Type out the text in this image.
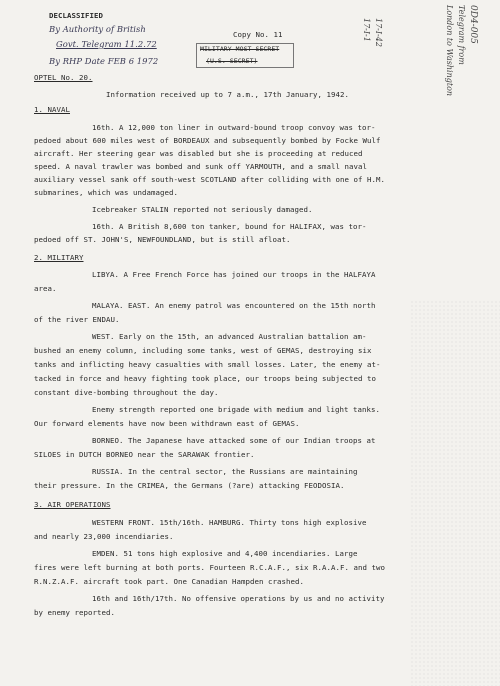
DECLASSIFIED
By Authority of British
Govt. Telegram 11.2.72
By RHP Date FEB 6 1972
Copy No. 11
MILITARY MOST SECRET
(U.S. SECRET)
OPTEL No. 20.
17-I-1 17-I-42	0D4-005
Telegram from
London to Washington
Information received up to 7 a.m., 17th January, 1942.
1. NAVAL
16th. A 12,000 ton liner in outward-bound troop convoy was tor-
pedoed about 600 miles west of BORDEAUX and subsequently bombed by Focke Wulf
aircraft. Her steering gear was disabled but she is proceeding at reduced
speed. A naval trawler was bombed and sunk off YARMOUTH, and a small naval
auxiliary vessel sank off south-west SCOTLAND after colliding with one of H.M.
submarines, which was undamaged.
Icebreaker STALIN reported not seriously damaged.
16th. A British 8,600 ton tanker, bound for HALIFAX, was tor-
pedoed off ST. JOHN'S, NEWFOUNDLAND, but is still afloat.
2. MILITARY
LIBYA. A Free French Force has joined our troops in the HALFAYA
area.
MALAYA. EAST. An enemy patrol was encountered on the 15th north
of the river ENDAU.
WEST. Early on the 15th, an advanced Australian battalion am-
bushed an enemy column, including some tanks, west of GEMAS, destroying six
tanks and inflicting heavy casualties with small losses. Later, the enemy at-
tacked in force and heavy fighting took place, our troops being subjected to
constant dive-bombing throughout the day.
Enemy strength reported one brigade with medium and light tanks.
Our forward elements have now been withdrawn east of GEMAS.
BORNEO. The Japanese have attacked some of our Indian troops at
SILOES in DUTCH BORNEO near the SARAWAK frontier.
RUSSIA. In the central sector, the Russians are maintaining
their pressure. In the CRIMEA, the Germans (?are) attacking FEODOSIA.
3. AIR OPERATIONS
WESTERN FRONT. 15th/16th. HAMBURG. Thirty tons high explosive
and nearly 23,000 incendiaries.
EMDEN. 51 tons high explosive and 4,400 incendiaries. Large
fires were left burning at both ports. Fourteen R.C.A.F., six R.A.A.F. and two
R.N.Z.A.F. aircraft took part. One Canadian Hampden crashed.
16th and 16th/17th. No offensive operations by us and no activity
by enemy reported.
